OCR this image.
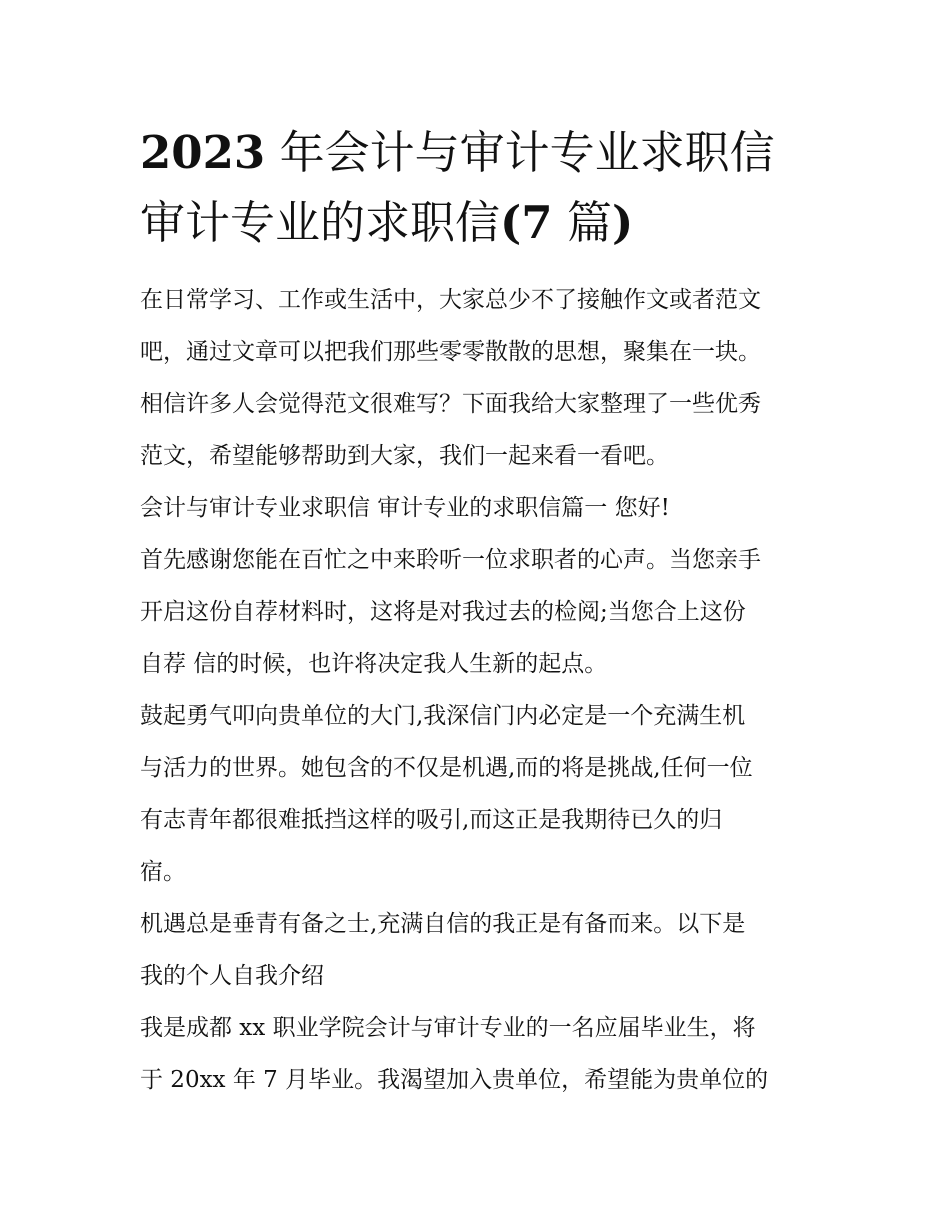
2023 年会计与审计专业求职信
审计专业的求职信(7 篇)

在日常学习、工作或生活中，大家总少不了接触作文或者范文
吧，通过文章可以把我们那些零零散散的思想，聚集在一块。
相信许多人会觉得范文很难写？下面我给大家整理了一些优秀
范文，希望能够帮助到大家，我们一起来看一看吧。

会计与审计专业求职信 审计专业的求职信篇一 您好!

首先感谢您能在百忙之中来聆听一位求职者的心声。当您亲手
开启这份自荐材料时，这将是对我过去的检阅;当您合上这份
自荐 信的时候，也许将决定我人生新的起点。

鼓起勇气叩向贵单位的大门,我深信门内必定是一个充满生机
与活力的世界。她包含的不仅是机遇,而的将是挑战,任何一位
有志青年都很难抵挡这样的吸引,而这正是我期待已久的归
宿。

机遇总是垂青有备之士,充满自信的我正是有备而来。以下是
我的个人自我介绍

我是成都 xx 职业学院会计与审计专业的一名应届毕业生，将
于 20xx 年 7 月毕业。我渴望加入贵单位，希望能为贵单位的
